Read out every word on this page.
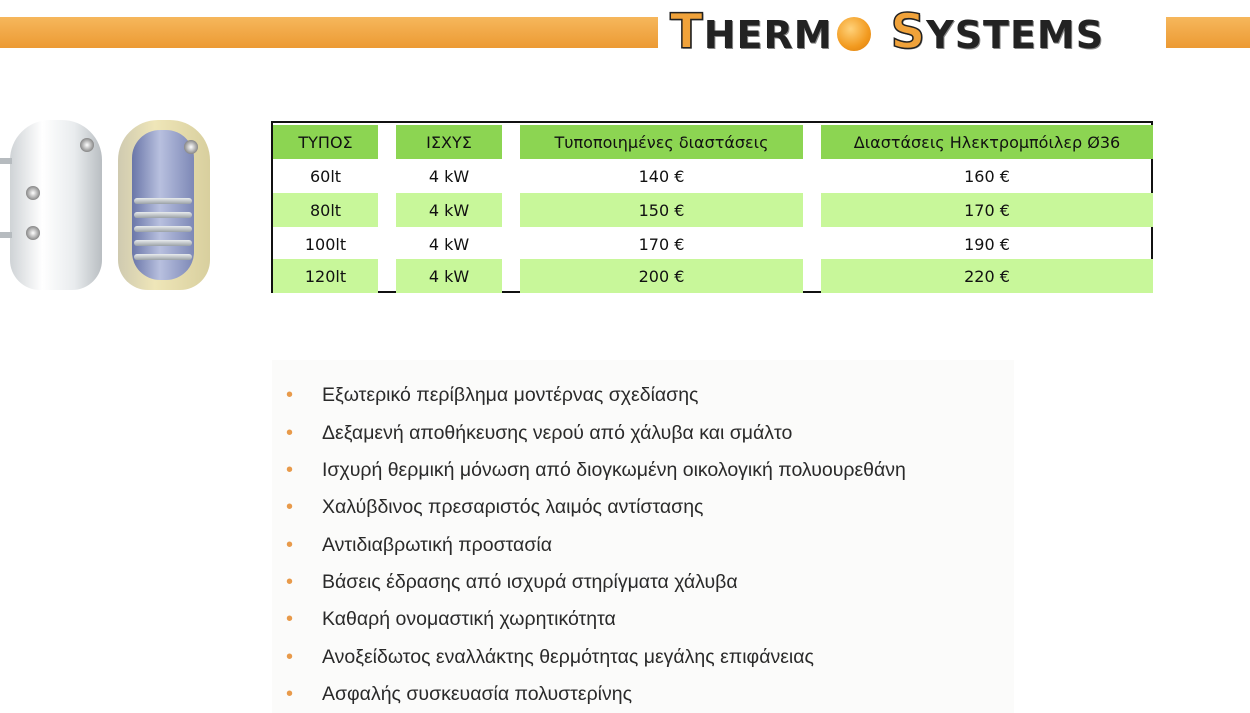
T HERM S YSTEMS
ΤΥΠΟΣ	ΙΣΧΥΣ	Τυποποιημένες διαστάσεις	Διαστάσεις Ηλεκτρομπόιλερ Ø36
60lt	4 kW	140 €	160 €
80lt	4 kW	150 €	170 €
100lt	4 kW	170 €	190 €
120lt	4 kW	200 €	220 €
•	Εξωτερικό περίβλημα μοντέρνας σχεδίασης
•	Δεξαμενή αποθήκευσης νερού από χάλυβα και σμάλτο
•	Ισχυρή θερμική μόνωση από διογκωμένη οικολογική πολυουρεθάνη
•	Χαλύβδινος πρεσαριστός λαιμός αντίστασης
•	Αντιδιαβρωτική προστασία
•	Βάσεις έδρασης από ισχυρά στηρίγματα χάλυβα
•	Καθαρή ονομαστική χωρητικότητα
•	Ανοξείδωτος εναλλάκτης θερμότητας μεγάλης επιφάνειας
•	Ασφαλής συσκευασία πολυστερίνης
